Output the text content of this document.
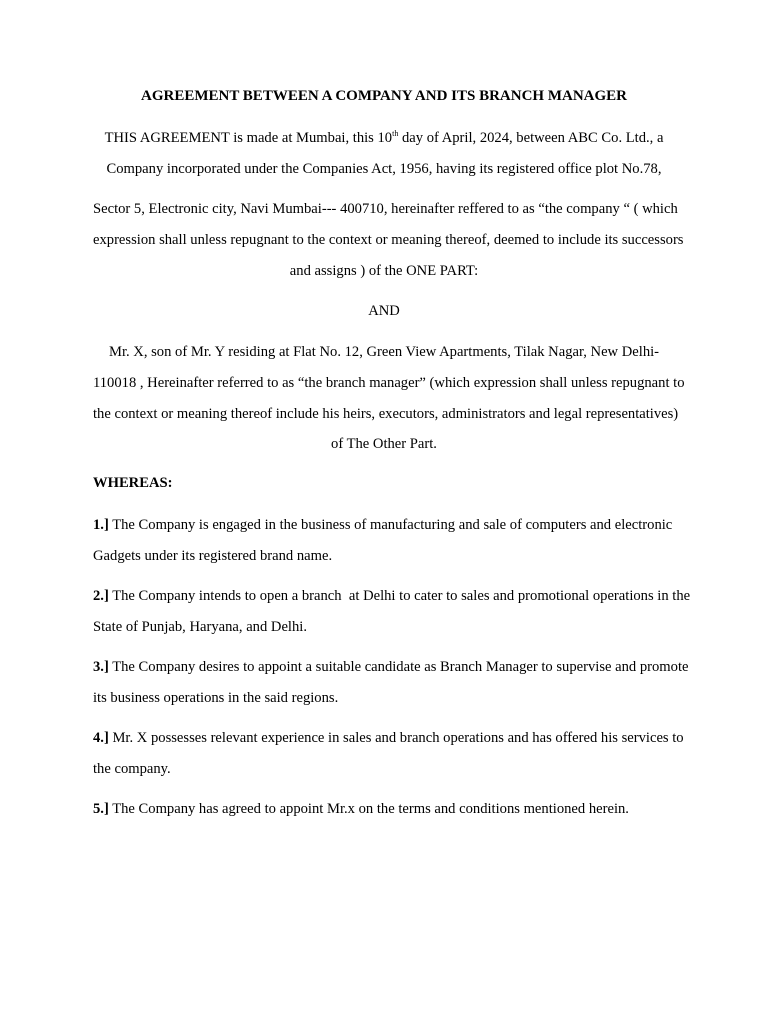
AGREEMENT BETWEEN A COMPANY AND ITS BRANCH MANAGER
THIS AGREEMENT is made at Mumbai, this 10th day of April, 2024, between ABC Co. Ltd., a
Company incorporated under the Companies Act, 1956, having its registered office plot No.78,
Sector 5, Electronic city, Navi Mumbai--- 400710, hereinafter reffered to as “the company “ ( which
expression shall unless repugnant to the context or meaning thereof, deemed to include its successors
and assigns ) of the ONE PART:
AND
Mr. X, son of Mr. Y residing at Flat No. 12, Green View Apartments, Tilak Nagar, New Delhi-
110018 , Hereinafter referred to as “the branch manager” (which expression shall unless repugnant to
the context or meaning thereof include his heirs, executors, administrators and legal representatives)
of The Other Part.
WHEREAS:
1.] The Company is engaged in the business of manufacturing and sale of computers and electronic
Gadgets under its registered brand name.
2.] The Company intends to open a branch  at Delhi to cater to sales and promotional operations in the
State of Punjab, Haryana, and Delhi.
3.] The Company desires to appoint a suitable candidate as Branch Manager to supervise and promote
its business operations in the said regions.
4.] Mr. X possesses relevant experience in sales and branch operations and has offered his services to
the company.
5.] The Company has agreed to appoint Mr.x on the terms and conditions mentioned herein.
